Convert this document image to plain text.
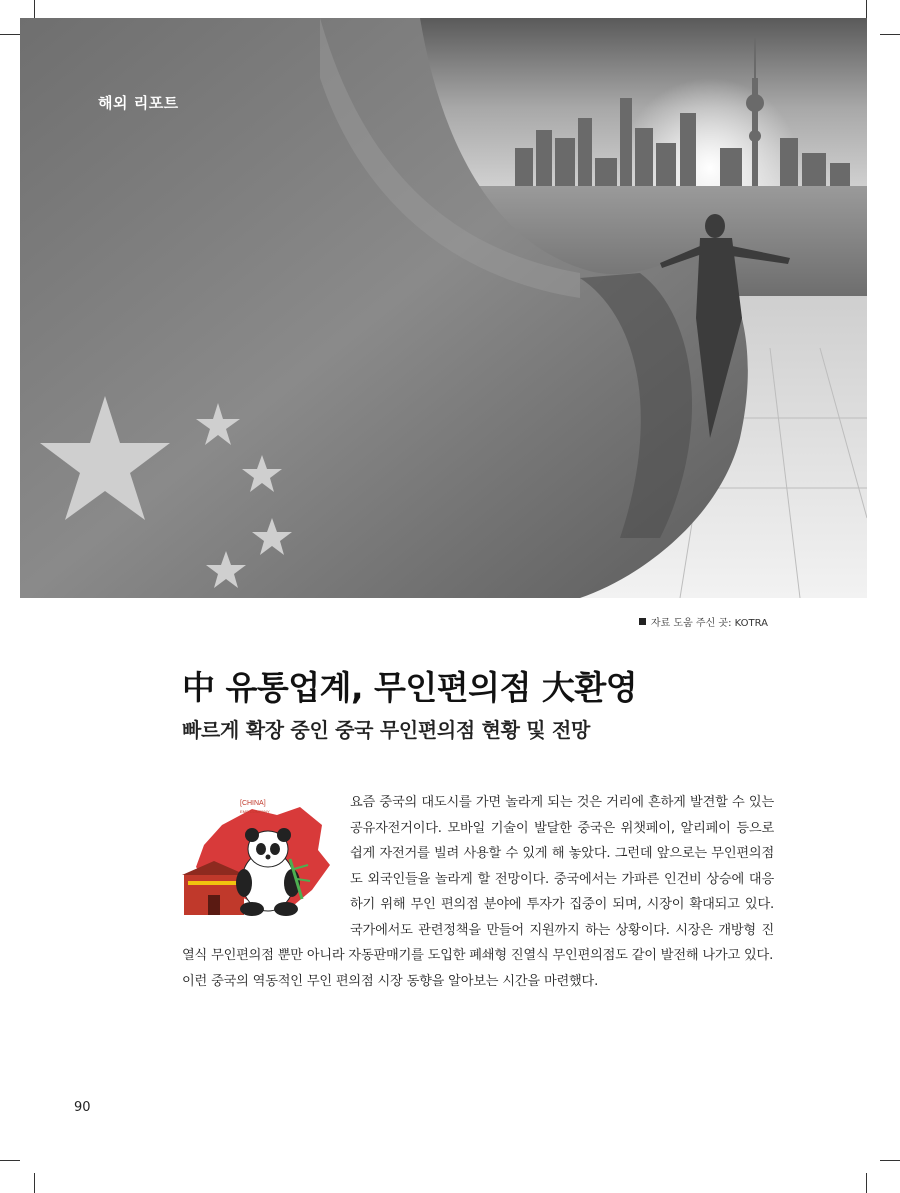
해외 리포트
자료 도움 주신 곳: KOTRA
中 유통업계, 무인편의점 大환영
빠르게 확장 중인 중국 무인편의점 현황 및 전망
[CHINA]
EMS COMPANY

요즘 중국의 대도시를 가면 놀라게 되는 것은 거리에 흔하게 발견할 수 있는 공유자전거이다. 모바일 기술이 발달한 중국은 위챗페이, 알리페이 등으로 쉽게 자전거를 빌려 사용할 수 있게 해 놓았다. 그런데 앞으로는 무인편의점도 외국인들을 놀라게 할 전망이다. 중국에서는 가파른 인건비 상승에 대응하기 위해 무인 편의점 분야에 투자가 집중이 되며, 시장이 확대되고 있다. 국가에서도 관련정책을 만들어 지원까지 하는 상황이다. 시장은 개방형 진열식 무인편의점 뿐만 아니라 자동판매기를 도입한 폐쇄형 진열식 무인편의점도 같이 발전해 나가고 있다.

이런 중국의 역동적인 무인 편의점 시장 동향을 알아보는 시간을 마련했다.

90
